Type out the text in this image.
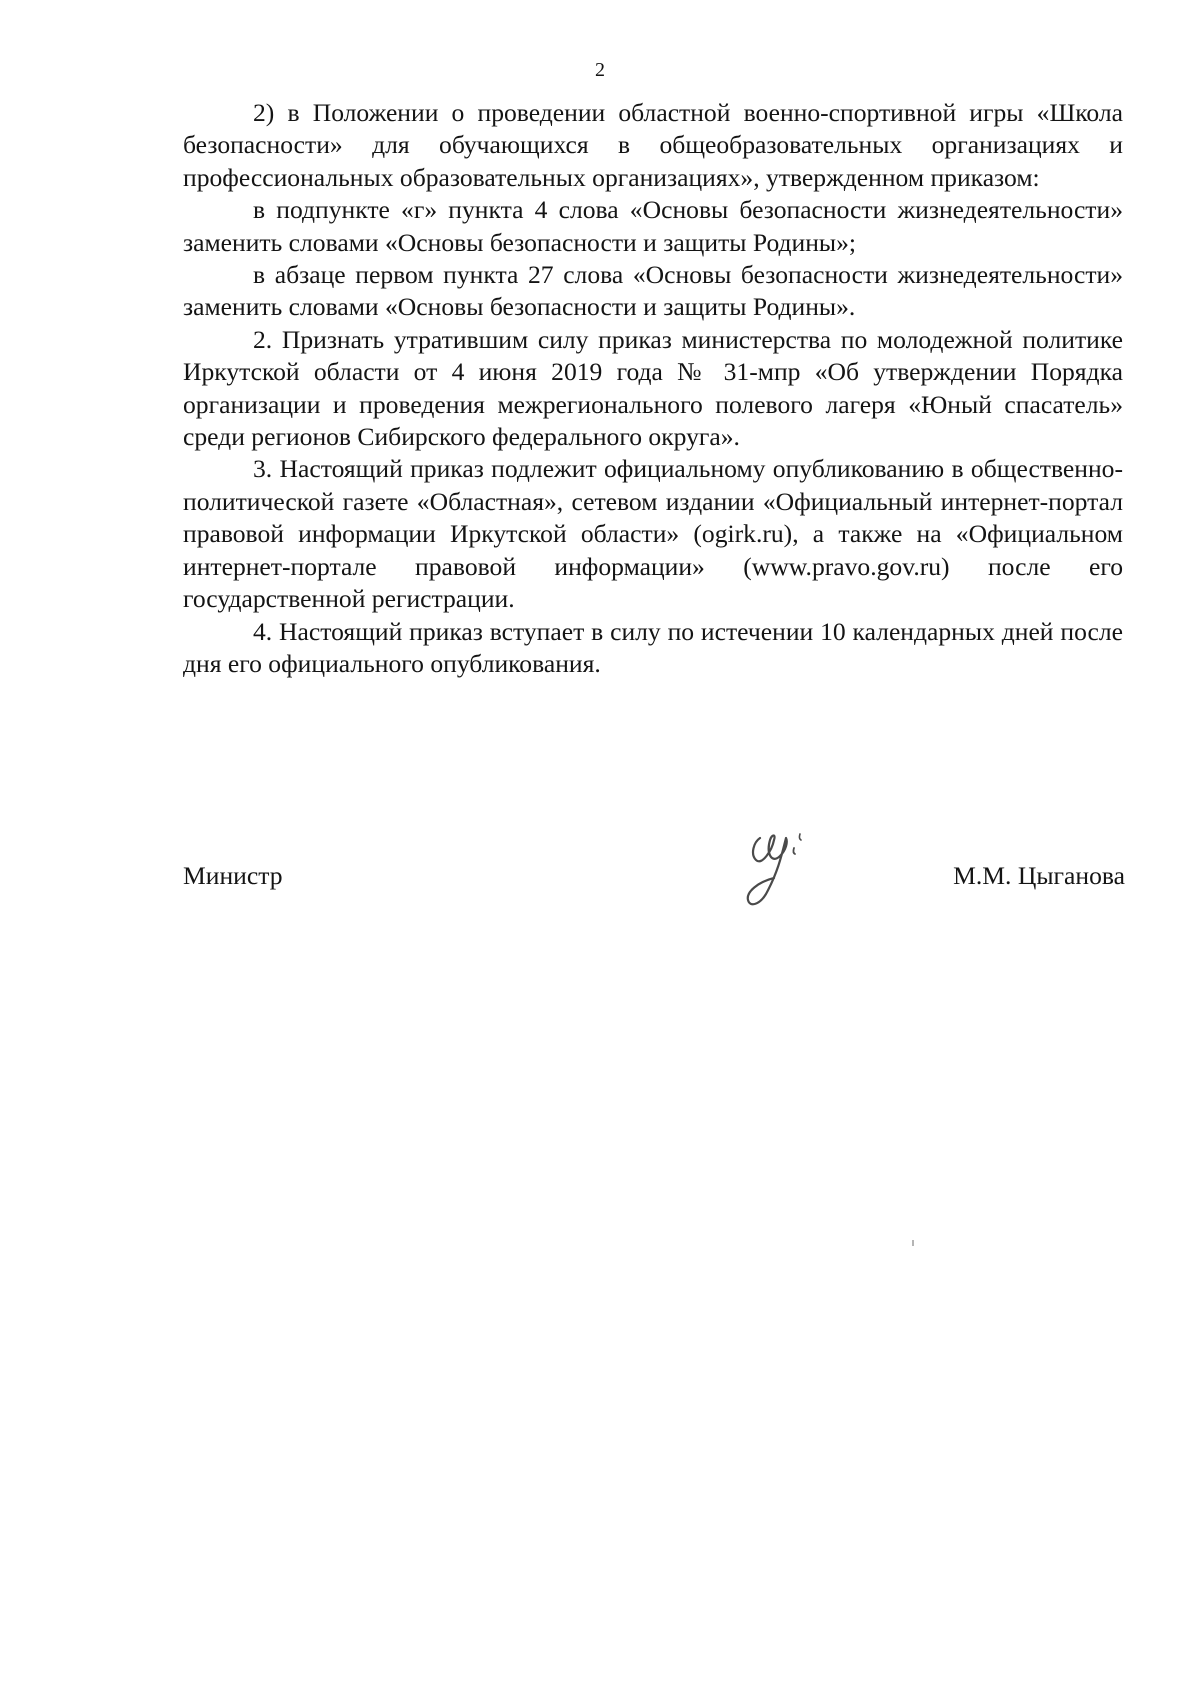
2

2) в Положении о проведении областной военно-спортивной игры «Школа безопасности» для обучающихся в общеобразовательных организациях и профессиональных образовательных организациях», утвержденном приказом:

в подпункте «г» пункта 4 слова «Основы безопасности жизнедеятельности» заменить словами «Основы безопасности и защиты Родины»;

в абзаце первом пункта 27 слова «Основы безопасности жизнедеятельности» заменить словами «Основы безопасности и защиты Родины».

2. Признать утратившим силу приказ министерства по молодежной политике Иркутской области от 4 июня 2019 года № 31-мпр «Об утверждении Порядка организации и проведения межрегионального полевого лагеря «Юный спасатель» среди регионов Сибирского федерального округа».

3. Настоящий приказ подлежит официальному опубликованию в общественно-политической газете «Областная», сетевом издании «Официальный интернет-портал правовой информации Иркутской области» (ogirk.ru), а также на «Официальном интернет-портале правовой информации» (www.pravo.gov.ru) после его государственной регистрации.

4. Настоящий приказ вступает в силу по истечении 10 календарных дней после дня его официального опубликования.

Министр	М.М. Цыганова
